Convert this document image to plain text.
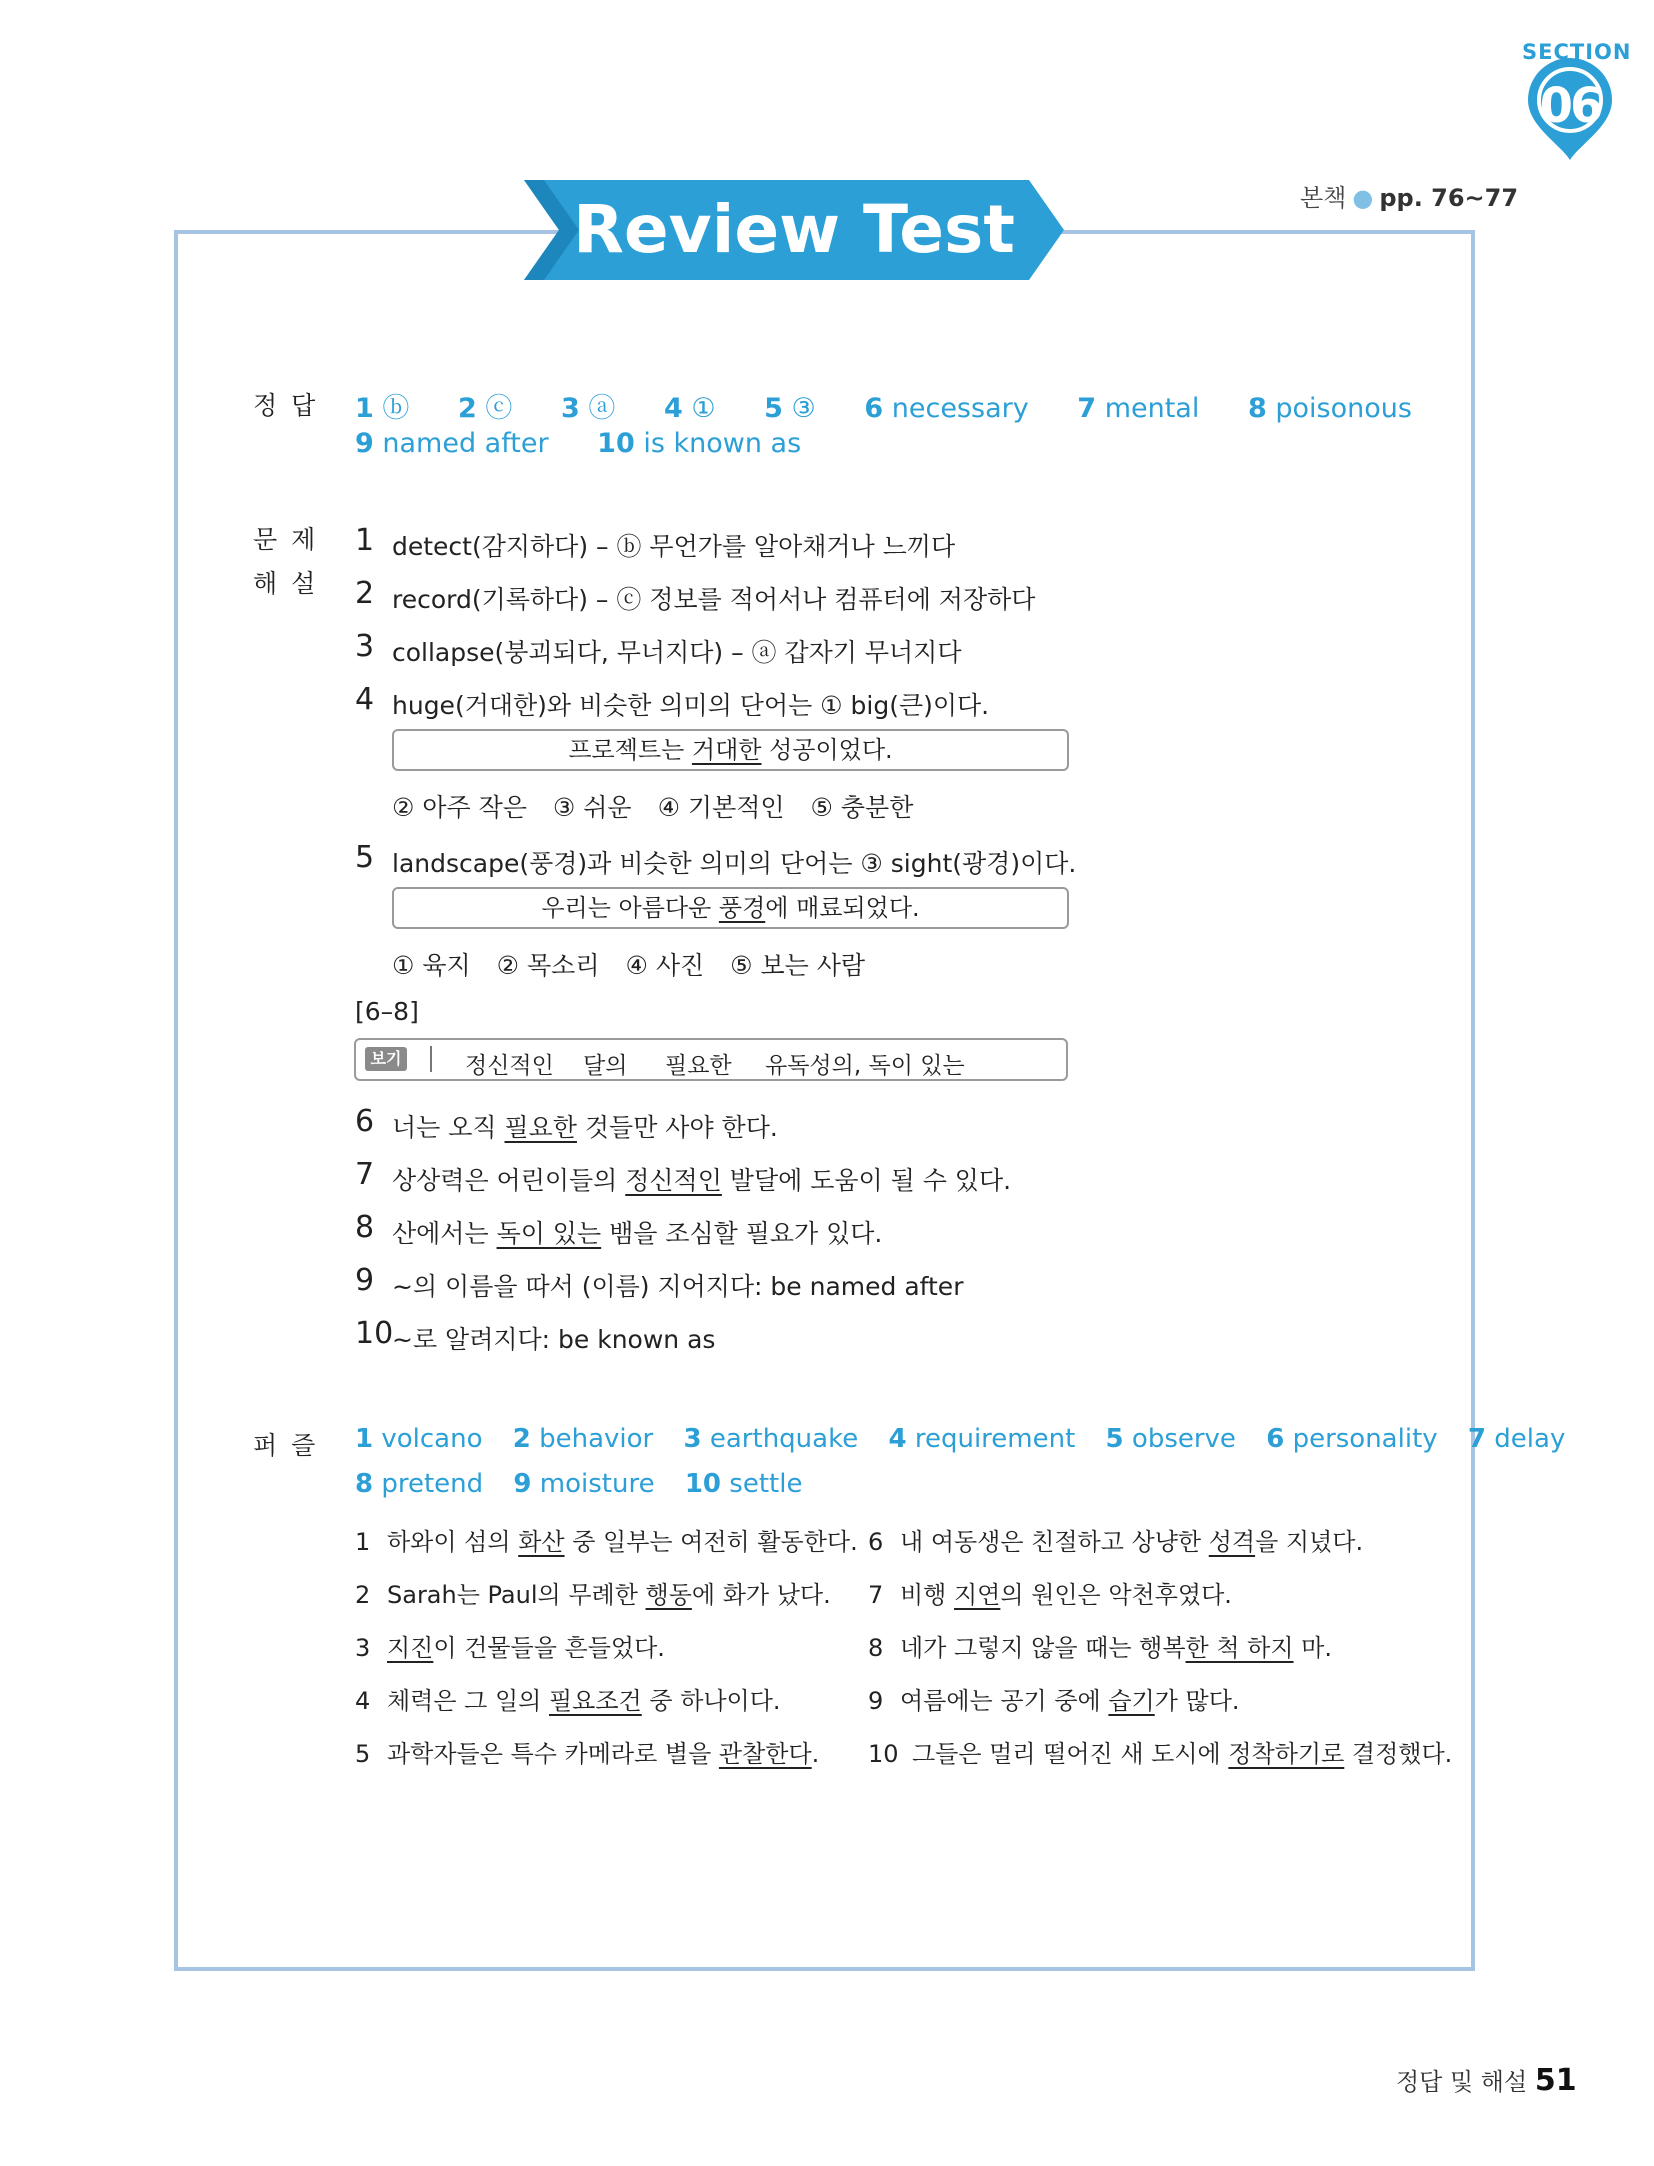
SECTION
06
본책 ● pp. 76~77
Review Test
정답 1 ⓑ 2 ⓒ 3 ⓐ 4 ① 5 ③ 6 necessary 7 mental 8 poisonous
9 named after 10 is known as
문제
해설
1 detect(감지하다) – ⓑ 무언가를 알아채거나 느끼다
2 record(기록하다) – ⓒ 정보를 적어서나 컴퓨터에 저장하다
3 collapse(붕괴되다, 무너지다) – ⓐ 갑자기 무너지다
4 huge(거대한)와 비슷한 의미의 단어는 ① big(큰)이다.
프로젝트는 거대한 성공이었다.
② 아주 작은 ③ 쉬운 ④ 기본적인 ⑤ 충분한
5 landscape(풍경)과 비슷한 의미의 단어는 ③ sight(광경)이다.
우리는 아름다운 풍경에 매료되었다.
① 육지 ② 목소리 ④ 사진 ⑤ 보는 사람
[6–8]
보기	정신적인 달의 필요한 유독성의, 독이 있는
6 너는 오직 필요한 것들만 사야 한다.
7 상상력은 어린이들의 정신적인 발달에 도움이 될 수 있다.
8 산에서는 독이 있는 뱀을 조심할 필요가 있다.
9 ~의 이름을 따서 (이름) 지어지다: be named after
10
~로 알려지다: be known as
퍼즐 1 volcano 2 behavior 3 earthquake 4 requirement 5 observe 6 personality 7 delay
8 pretend 9 moisture 10 settle
1 하와이 섬의 화산 중 일부는 여전히 활동한다.
2 Sarah는 Paul의 무례한 행동에 화가 났다.
3 지진이 건물들을 흔들었다.
4 체력은 그 일의 필요조건 중 하나이다.
5 과학자들은 특수 카메라로 별을 관찰한다.
6 내 여동생은 친절하고 상냥한 성격을 지녔다.
7 비행 지연의 원인은 악천후였다.
8 네가 그렇지 않을 때는 행복한 척 하지 마.
9 여름에는 공기 중에 습기가 많다.
10 그들은 멀리 떨어진 새 도시에 정착하기로 결정했다.
정답 및 해설 51
